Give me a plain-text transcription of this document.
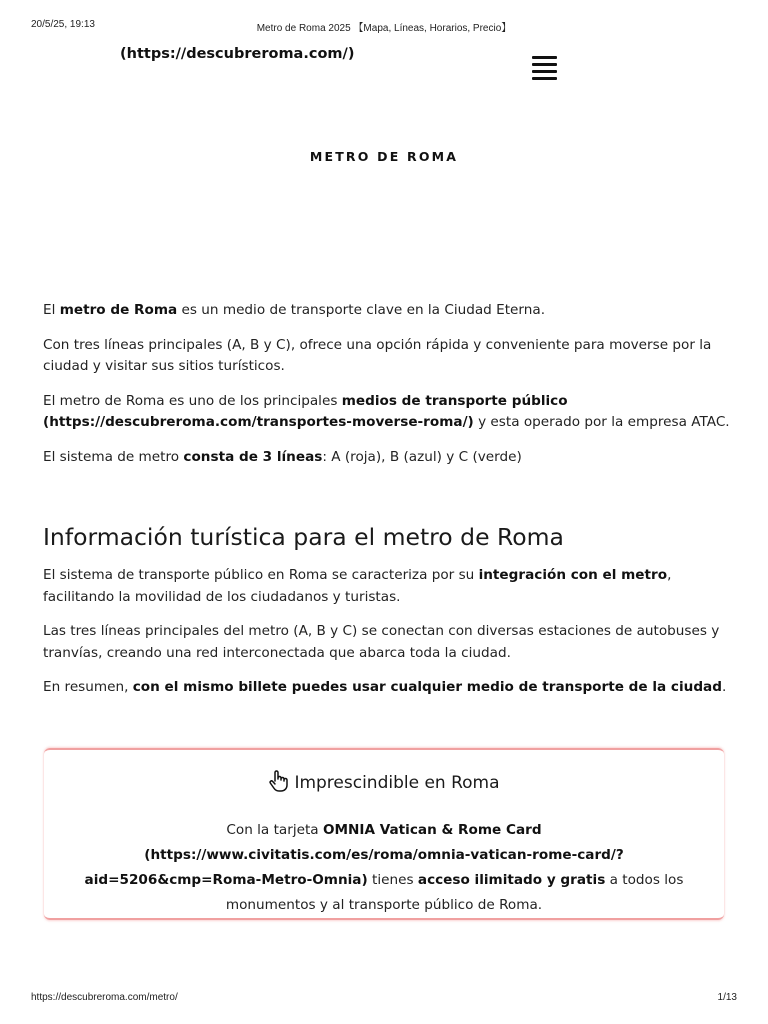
20/5/25, 19:13	Metro de Roma 2025 【Mapa, Líneas, Horarios, Precio】
(https://descubreroma.com/)
METRO DE ROMA

El metro de Roma es un medio de transporte clave en la Ciudad Eterna.

Con tres líneas principales (A, B y C), ofrece una opción rápida y conveniente para moverse por la ciudad y visitar sus sitios turísticos.

El metro de Roma es uno de los principales medios de transporte público (https://descubreroma.com/transportes-moverse-roma/) y esta operado por la empresa ATAC.

El sistema de metro consta de 3 líneas: A (roja), B (azul) y C (verde)

Información turística para el metro de Roma

El sistema de transporte público en Roma se caracteriza por su integración con el metro, facilitando la movilidad de los ciudadanos y turistas.

Las tres líneas principales del metro (A, B y C) se conectan con diversas estaciones de autobuses y tranvías, creando una red interconectada que abarca toda la ciudad.

En resumen, con el mismo billete puedes usar cualquier medio de transporte de la ciudad.

Imprescindible en Roma
Con la tarjeta OMNIA Vatican & Rome Card (https://www.civitatis.com/es/roma/omnia-vatican-rome-card/?aid=5206&cmp=Roma-Metro-Omnia) tienes acceso ilimitado y gratis a todos los monumentos y al transporte público de Roma.
https://descubreroma.com/metro/	1/13
